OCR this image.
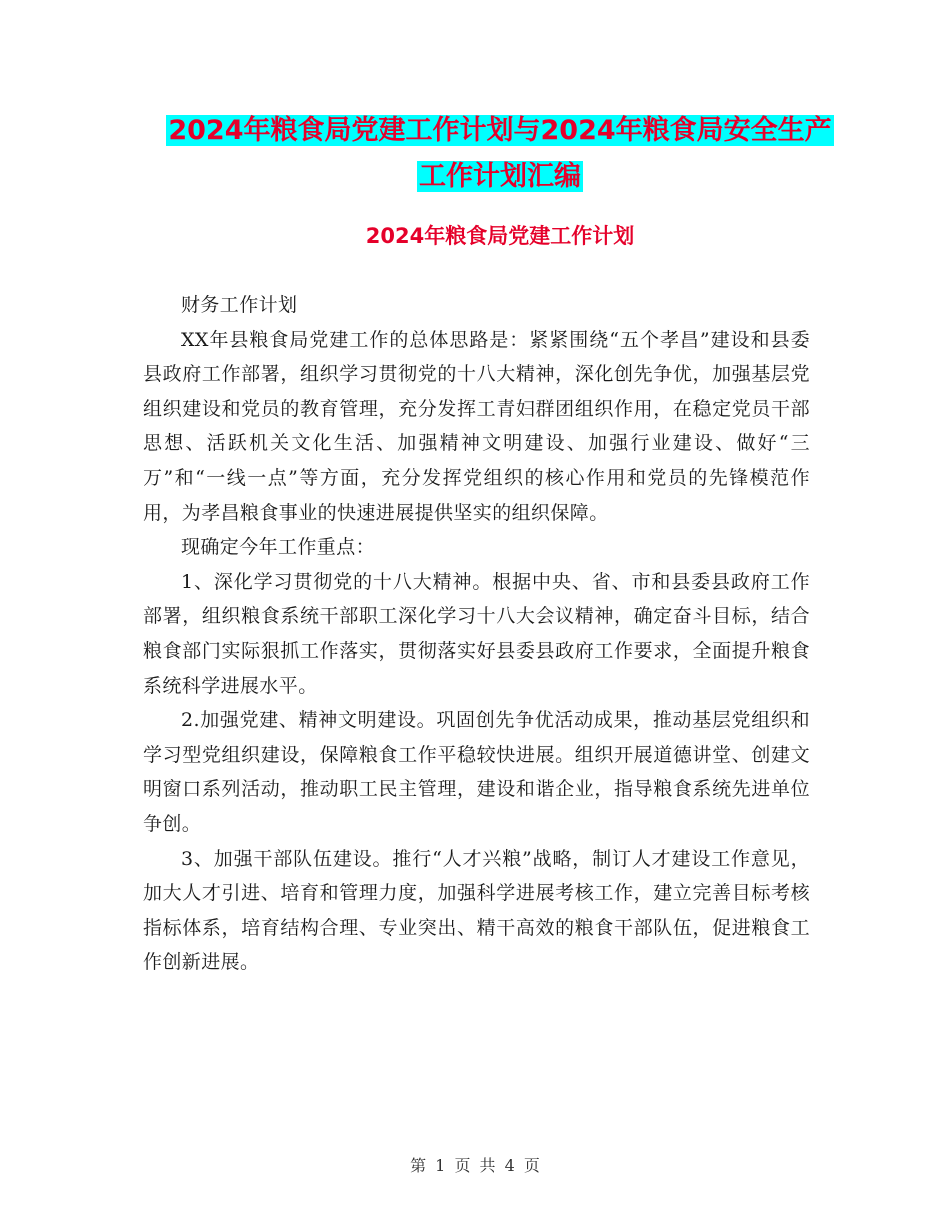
2024年粮食局党建工作计划与2024年粮食局安全生产
工作计划汇编
2024年粮食局党建工作计划

财务工作计划

XX年县粮食局党建工作的总体思路是：紧紧围绕“五个孝昌”建设和县委县政府工作部署，组织学习贯彻党的十八大精神，深化创先争优，加强基层党组织建设和党员的教育管理，充分发挥工青妇群团组织作用，在稳定党员干部思想、活跃机关文化生活、加强精神文明建设、加强行业建设、做好“三万”和“一线一点”等方面，充分发挥党组织的核心作用和党员的先锋模范作用，为孝昌粮食事业的快速进展提供坚实的组织保障。

现确定今年工作重点：

1、深化学习贯彻党的十八大精神。根据中央、省、市和县委县政府工作部署，组织粮食系统干部职工深化学习十八大会议精神，确定奋斗目标，结合粮食部门实际狠抓工作落实，贯彻落实好县委县政府工作要求，全面提升粮食系统科学进展水平。

2.加强党建、精神文明建设。巩固创先争优活动成果，推动基层党组织和学习型党组织建设，保障粮食工作平稳较快进展。组织开展道德讲堂、创建文明窗口系列活动，推动职工民主管理，建设和谐企业，指导粮食系统先进单位争创。

3、加强干部队伍建设。推行“人才兴粮”战略，制订人才建设工作意见，加大人才引进、培育和管理力度，加强科学进展考核工作，建立完善目标考核指标体系，培育结构合理、专业突出、精干高效的粮食干部队伍，促进粮食工作创新进展。

第 1 页 共 4 页
